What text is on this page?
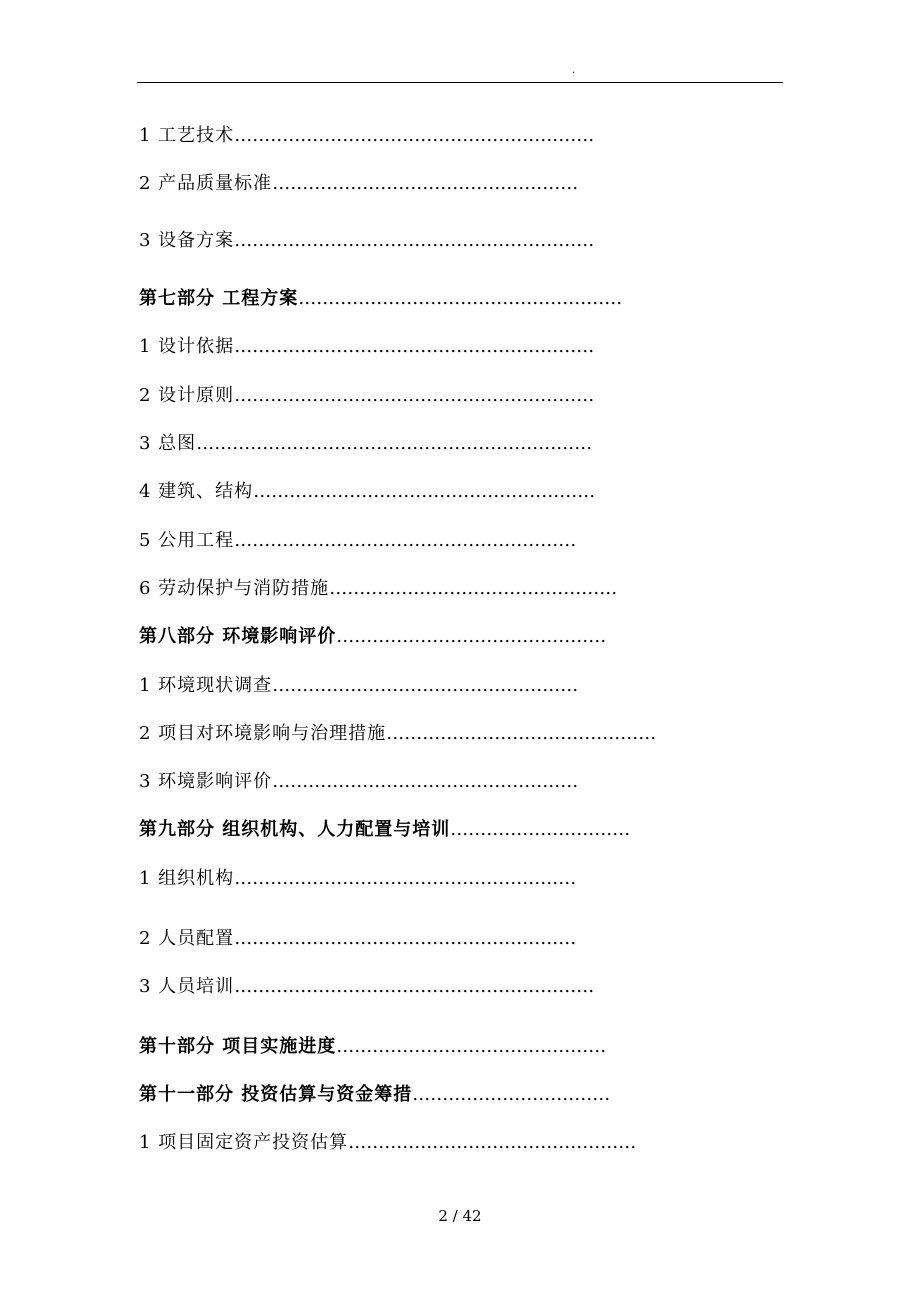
.
1 工艺技术……………………………………………………
2 产品质量标准……………………………………………
3 设备方案……………………………………………………
第七部分 工程方案………………………………………………
1 设计依据……………………………………………………
2 设计原则……………………………………………………
3 总图…………………………………………………………
4 建筑、结构…………………………………………………
5 公用工程…………………………………………………
6 劳动保护与消防措施…………………………………………
第八部分 环境影响评价………………………………………
1 环境现状调查……………………………………………
2 项目对环境影响与治理措施………………………………………
3 环境影响评价……………………………………………
第九部分 组织机构、人力配置与培训…………………………
1 组织机构…………………………………………………
2 人员配置…………………………………………………
3 人员培训……………………………………………………
第十部分 项目实施进度………………………………………
第十一部分 投资估算与资金筹措……………………………
1 项目固定资产投资估算…………………………………………
2 / 42
